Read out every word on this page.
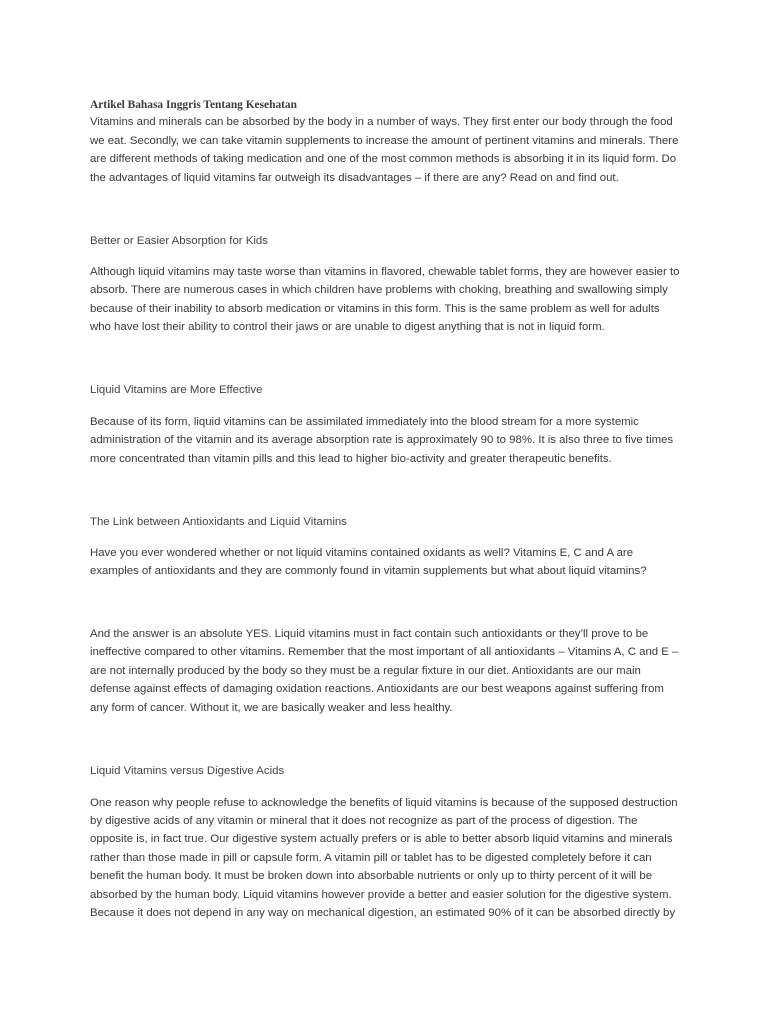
Artikel Bahasa Inggris Tentang Kesehatan

Vitamins and minerals can be absorbed by the body in a number of ways. They first enter our body through the food

we eat. Secondly, we can take vitamin supplements to increase the amount of pertinent vitamins and minerals. There

are different methods of taking medication and one of the most common methods is absorbing it in its liquid form. Do

the advantages of liquid vitamins far outweigh its disadvantages – if there are any? Read on and find out.

Better or Easier Absorption for Kids

Although liquid vitamins may taste worse than vitamins in flavored, chewable tablet forms, they are however easier to

absorb. There are numerous cases in which children have problems with choking, breathing and swallowing simply

because of their inability to absorb medication or vitamins in this form. This is the same problem as well for adults

who have lost their ability to control their jaws or are unable to digest anything that is not in liquid form.

Liquid Vitamins are More Effective

Because of its form, liquid vitamins can be assimilated immediately into the blood stream for a more systemic

administration of the vitamin and its average absorption rate is approximately 90 to 98%. It is also three to five times

more concentrated than vitamin pills and this lead to higher bio-activity and greater therapeutic benefits.

The Link between Antioxidants and Liquid Vitamins

Have you ever wondered whether or not liquid vitamins contained oxidants as well? Vitamins E, C and A are

examples of antioxidants and they are commonly found in vitamin supplements but what about liquid vitamins?

And the answer is an absolute YES. Liquid vitamins must in fact contain such antioxidants or they’ll prove to be

ineffective compared to other vitamins. Remember that the most important of all antioxidants – Vitamins A, C and E –

are not internally produced by the body so they must be a regular fixture in our diet. Antioxidants are our main

defense against effects of damaging oxidation reactions. Antioxidants are our best weapons against suffering from

any form of cancer. Without it, we are basically weaker and less healthy.

Liquid Vitamins versus Digestive Acids

One reason why people refuse to acknowledge the benefits of liquid vitamins is because of the supposed destruction

by digestive acids of any vitamin or mineral that it does not recognize as part of the process of digestion. The

opposite is, in fact true. Our digestive system actually prefers or is able to better absorb liquid vitamins and minerals

rather than those made in pill or capsule form. A vitamin pill or tablet has to be digested completely before it can

benefit the human body. It must be broken down into absorbable nutrients or only up to thirty percent of it will be

absorbed by the human body. Liquid vitamins however provide a better and easier solution for the digestive system.

Because it does not depend in any way on mechanical digestion, an estimated 90% of it can be absorbed directly by
